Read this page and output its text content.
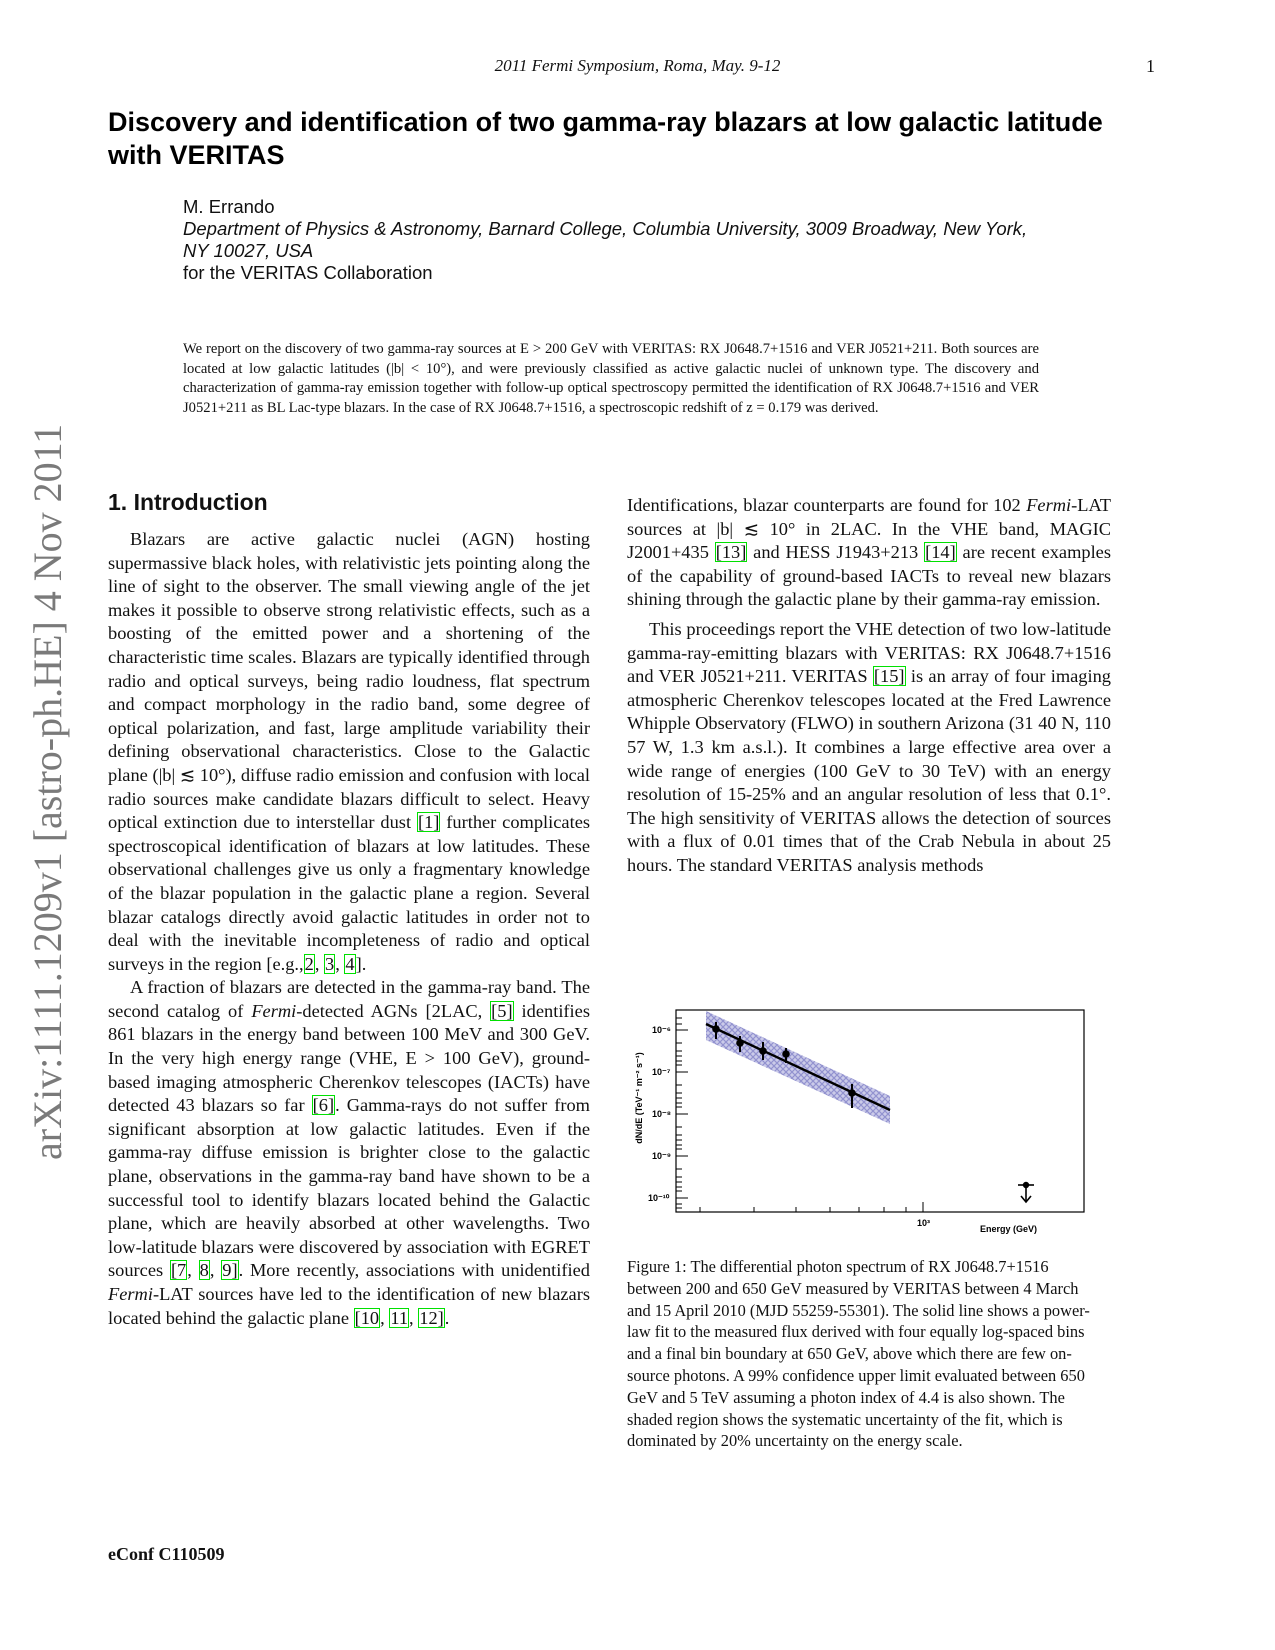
2011 Fermi Symposium, Roma, May. 9-12	1
Discovery and identification of two gamma-ray blazars at low galactic latitude with VERITAS
M. Errando
Department of Physics & Astronomy, Barnard College, Columbia University, 3009 Broadway, New York,
NY 10027, USA
for the VERITAS Collaboration
We report on the discovery of two gamma-ray sources at E > 200 GeV with VERITAS: RX J0648.7+1516 and VER J0521+211. Both sources are located at low galactic latitudes (|b| < 10°), and were previously classified as active galactic nuclei of unknown type. The discovery and characterization of gamma-ray emission together with follow-up optical spectroscopy permitted the identification of RX J0648.7+1516 and VER J0521+211 as BL Lac-type blazars. In the case of RX J0648.7+1516, a spectroscopic redshift of z = 0.179 was derived.
arXiv:1111.1209v1 [astro-ph.HE] 4 Nov 2011 1. Introduction

Blazars are active galactic nuclei (AGN) hosting supermassive black holes, with relativistic jets pointing along the line of sight to the observer. The small viewing angle of the jet makes it possible to observe strong relativistic effects, such as a boosting of the emitted power and a shortening of the characteristic time scales. Blazars are typically identified through radio and optical surveys, being radio loudness, flat spectrum and compact morphology in the radio band, some degree of optical polarization, and fast, large amplitude variability their defining observational characteristics. Close to the Galactic plane (|b| ≲ 10°), diffuse radio emission and confusion with local radio sources make candidate blazars difficult to select. Heavy optical extinction due to interstellar dust [1] further complicates spectroscopical identification of blazars at low latitudes. These observational challenges give us only a fragmentary knowledge of the blazar population in the galactic plane a region. Several blazar catalogs directly avoid galactic latitudes in order not to deal with the inevitable incompleteness of radio and optical surveys in the region [e.g.,2, 3, 4].

A fraction of blazars are detected in the gamma-ray band. The second catalog of Fermi-detected AGNs [2LAC, [5] identifies 861 blazars in the energy band between 100 MeV and 300 GeV. In the very high energy range (VHE, E > 100 GeV), ground-based imaging atmospheric Cherenkov telescopes (IACTs) have detected 43 blazars so far [6]. Gamma-rays do not suffer from significant absorption at low galactic latitudes. Even if the gamma-ray diffuse emission is brighter close to the galactic plane, observations in the gamma-ray band have shown to be a successful tool to identify blazars located behind the Galactic plane, which are heavily absorbed at other wavelengths. Two low-latitude blazars were discovered by association with EGRET sources [7, 8, 9]. More recently, associations with unidentified Fermi-LAT sources have led to the identification of new blazars located behind the galactic plane [10, 11, 12].

Identifications, blazar counterparts are found for 102 Fermi-LAT sources at |b| ≲ 10° in 2LAC. In the VHE band, MAGIC J2001+435 [13] and HESS J1943+213 [14] are recent examples of the capability of ground-based IACTs to reveal new blazars shining through the galactic plane by their gamma-ray emission.

This proceedings report the VHE detection of two low-latitude gamma-ray-emitting blazars with VERITAS: RX J0648.7+1516 and VER J0521+211. VERITAS [15] is an array of four imaging atmospheric Cherenkov telescopes located at the Fred Lawrence Whipple Observatory (FLWO) in southern Arizona (31 40 N, 110 57 W, 1.3 km a.s.l.). It combines a large effective area over a wide range of energies (100 GeV to 30 TeV) with an energy resolution of 15-25% and an angular resolution of less that 0.1°. The high sensitivity of VERITAS allows the detection of sources with a flux of 0.01 times that of the Crab Nebula in about 25 hours. The standard VERITAS analysis methods

dN/dE (TeV⁻¹ m⁻² s⁻¹)
10⁻⁶
10⁻⁷
10⁻⁸
10⁻⁹
10⁻¹⁰
10³
Energy (GeV)
Figure 1: The differential photon spectrum of RX J0648.7+1516 between 200 and 650 GeV measured by VERITAS between 4 March and 15 April 2010 (MJD 55259-55301). The solid line shows a power-law fit to the measured flux derived with four equally log-spaced bins and a final bin boundary at 650 GeV, above which there are few on-source photons. A 99% confidence upper limit evaluated between 650 GeV and 5 TeV assuming a photon index of 4.4 is also shown. The shaded region shows the systematic uncertainty of the fit, which is dominated by 20% uncertainty on the energy scale.
eConf C110509
